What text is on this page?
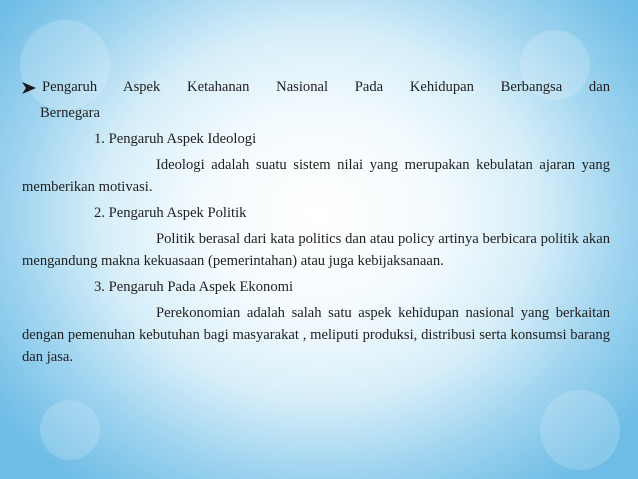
Pengaruh Aspek Ketahanan Nasional Pada Kehidupan Berbangsa dan
Bernegara
1. Pengaruh Aspek Ideologi
Ideologi adalah suatu sistem nilai yang merupakan kebulatan ajaran yang memberikan motivasi.
2. Pengaruh Aspek Politik
Politik berasal dari kata politics dan atau policy artinya berbicara politik akan mengandung makna kekuasaan (pemerintahan) atau juga kebijaksanaan.
3. Pengaruh Pada Aspek Ekonomi
Perekonomian adalah salah satu aspek kehidupan nasional yang berkaitan dengan pemenuhan kebutuhan bagi masyarakat , meliputi produksi, distribusi serta konsumsi barang dan jasa.
